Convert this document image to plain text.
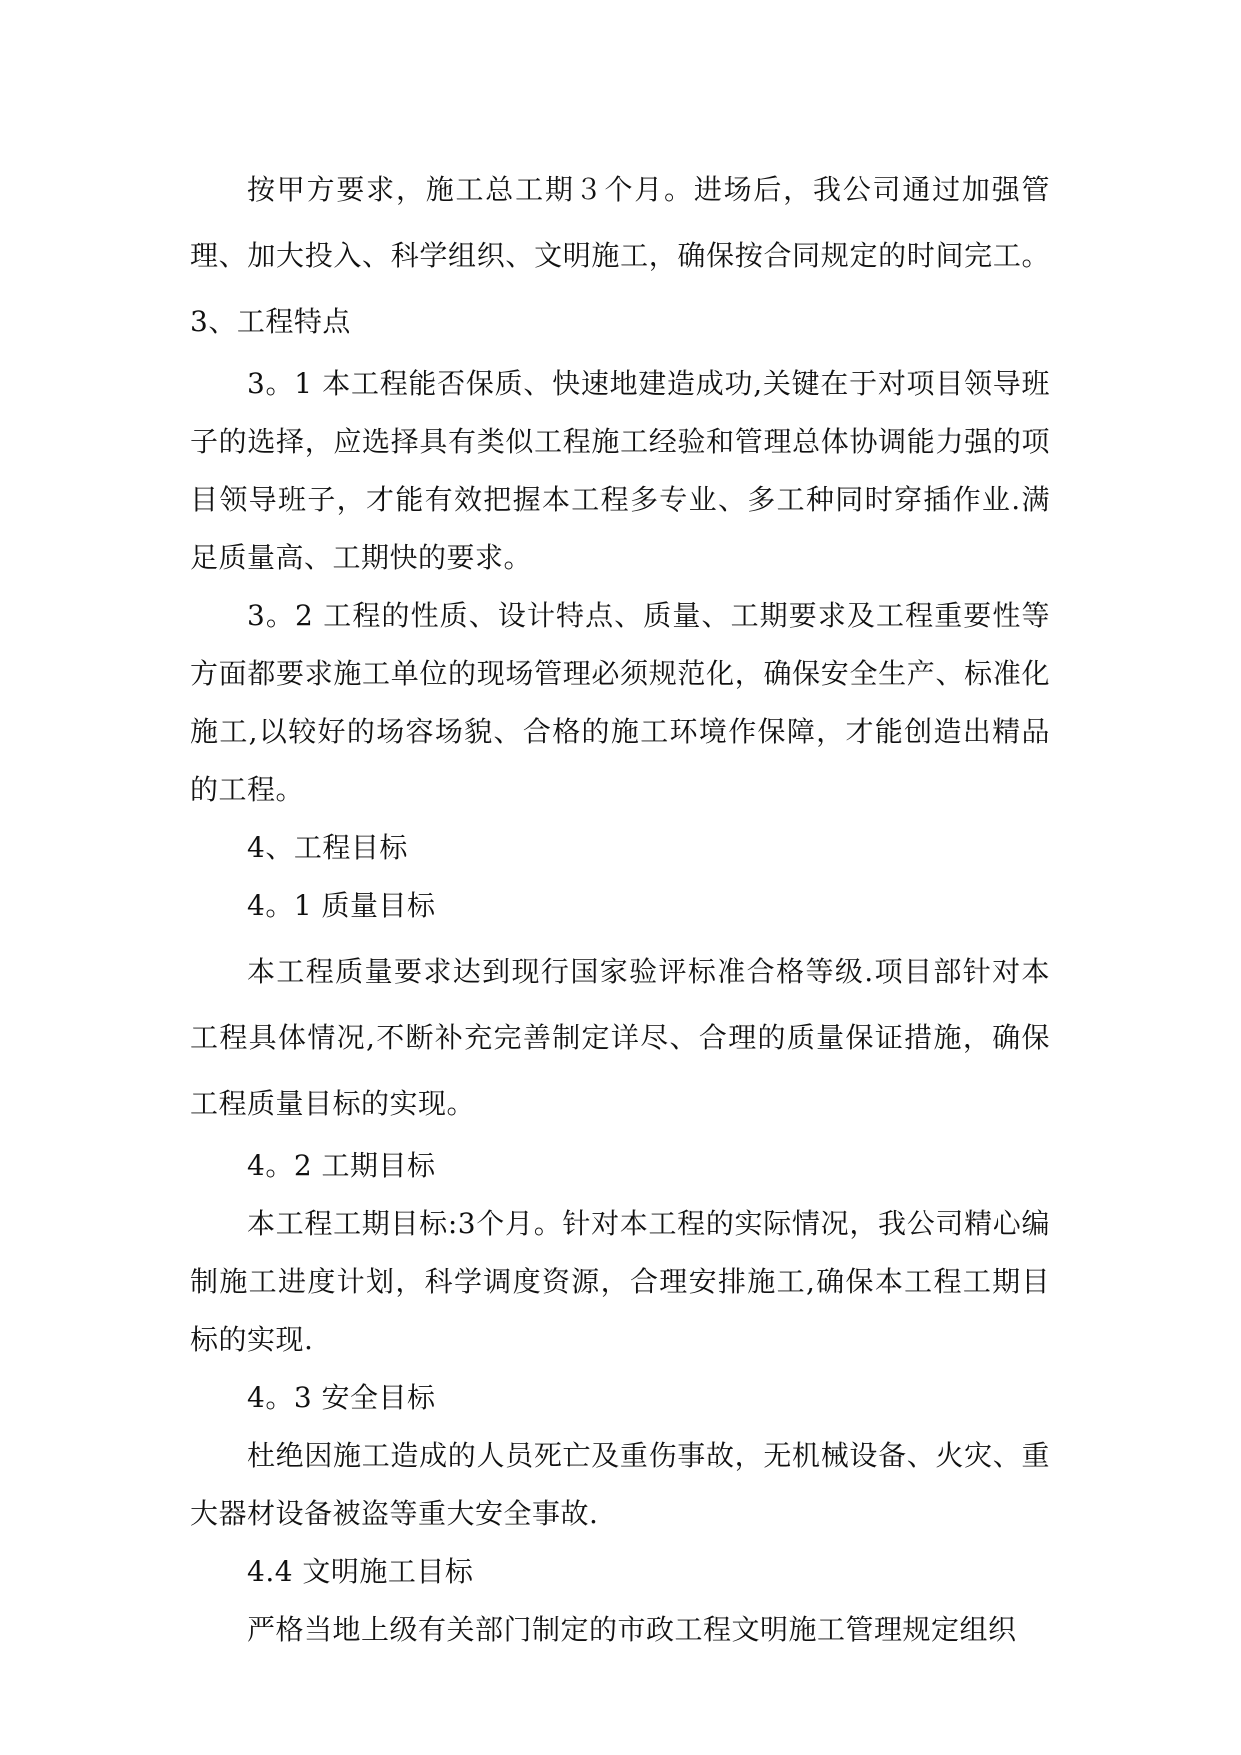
按甲方要求，施工总工期３个月。进场后，我公司通过加强管理、加大投入、科学组织、文明施工，确保按合同规定的时间完工。3、工程特点

3。1 本工程能否保质、快速地建造成功,关键在于对项目领导班子的选择，应选择具有类似工程施工经验和管理总体协调能力强的项目领导班子，才能有效把握本工程多专业、多工种同时穿插作业.满足质量高、工期快的要求。

3。2 工程的性质、设计特点、质量、工期要求及工程重要性等方面都要求施工单位的现场管理必须规范化，确保安全生产、标准化施工,以较好的场容场貌、合格的施工环境作保障，才能创造出精品的工程。

4、工程目标

4。1 质量目标

本工程质量要求达到现行国家验评标准合格等级.项目部针对本工程具体情况,不断补充完善制定详尽、合理的质量保证措施，确保工程质量目标的实现。

4。2 工期目标

本工程工期目标:3个月。针对本工程的实际情况，我公司精心编制施工进度计划，科学调度资源，合理安排施工,确保本工程工期目标的实现.

4。3 安全目标

杜绝因施工造成的人员死亡及重伤事故，无机械设备、火灾、重大器材设备被盗等重大安全事故.

4.4 文明施工目标

严格当地上级有关部门制定的市政工程文明施工管理规定组织
